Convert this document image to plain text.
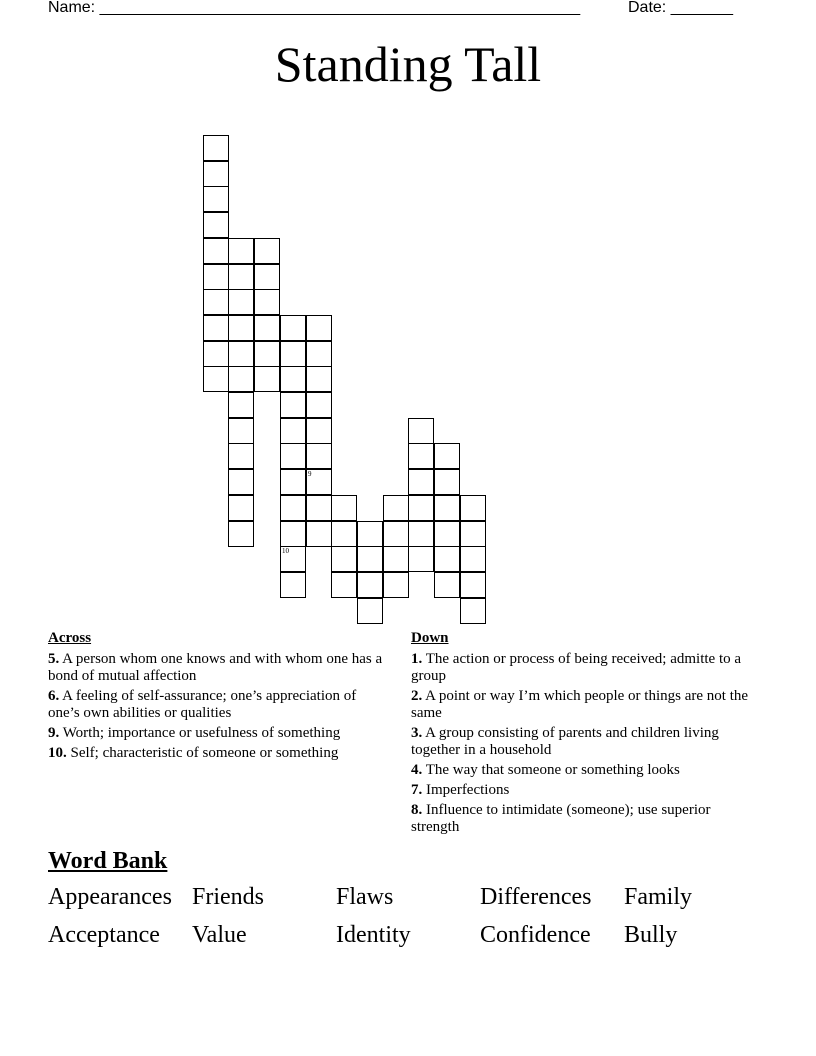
Name: ______________________________________________________	Date: _______
Standing Tall
10
9
Across
5. A person whom one knows and with whom one has a bond of mutual affection
6. A feeling of self-assurance; one’s appreciation of one’s own abilities or qualities
9. Worth; importance or usefulness of something
10. Self; characteristic of someone or something
Down
1. The action or process of being received; admitte to a group
2. A point or way I’m which people or things are not the same
3. A group consisting of parents and children living together in a household
4. The way that someone or something looks
7. Imperfections
8. Influence to intimidate (someone); use superior strength
Word Bank
Appearances Friends	Flaws	Differences Family
Acceptance Value	Identity	Confidence Bully
